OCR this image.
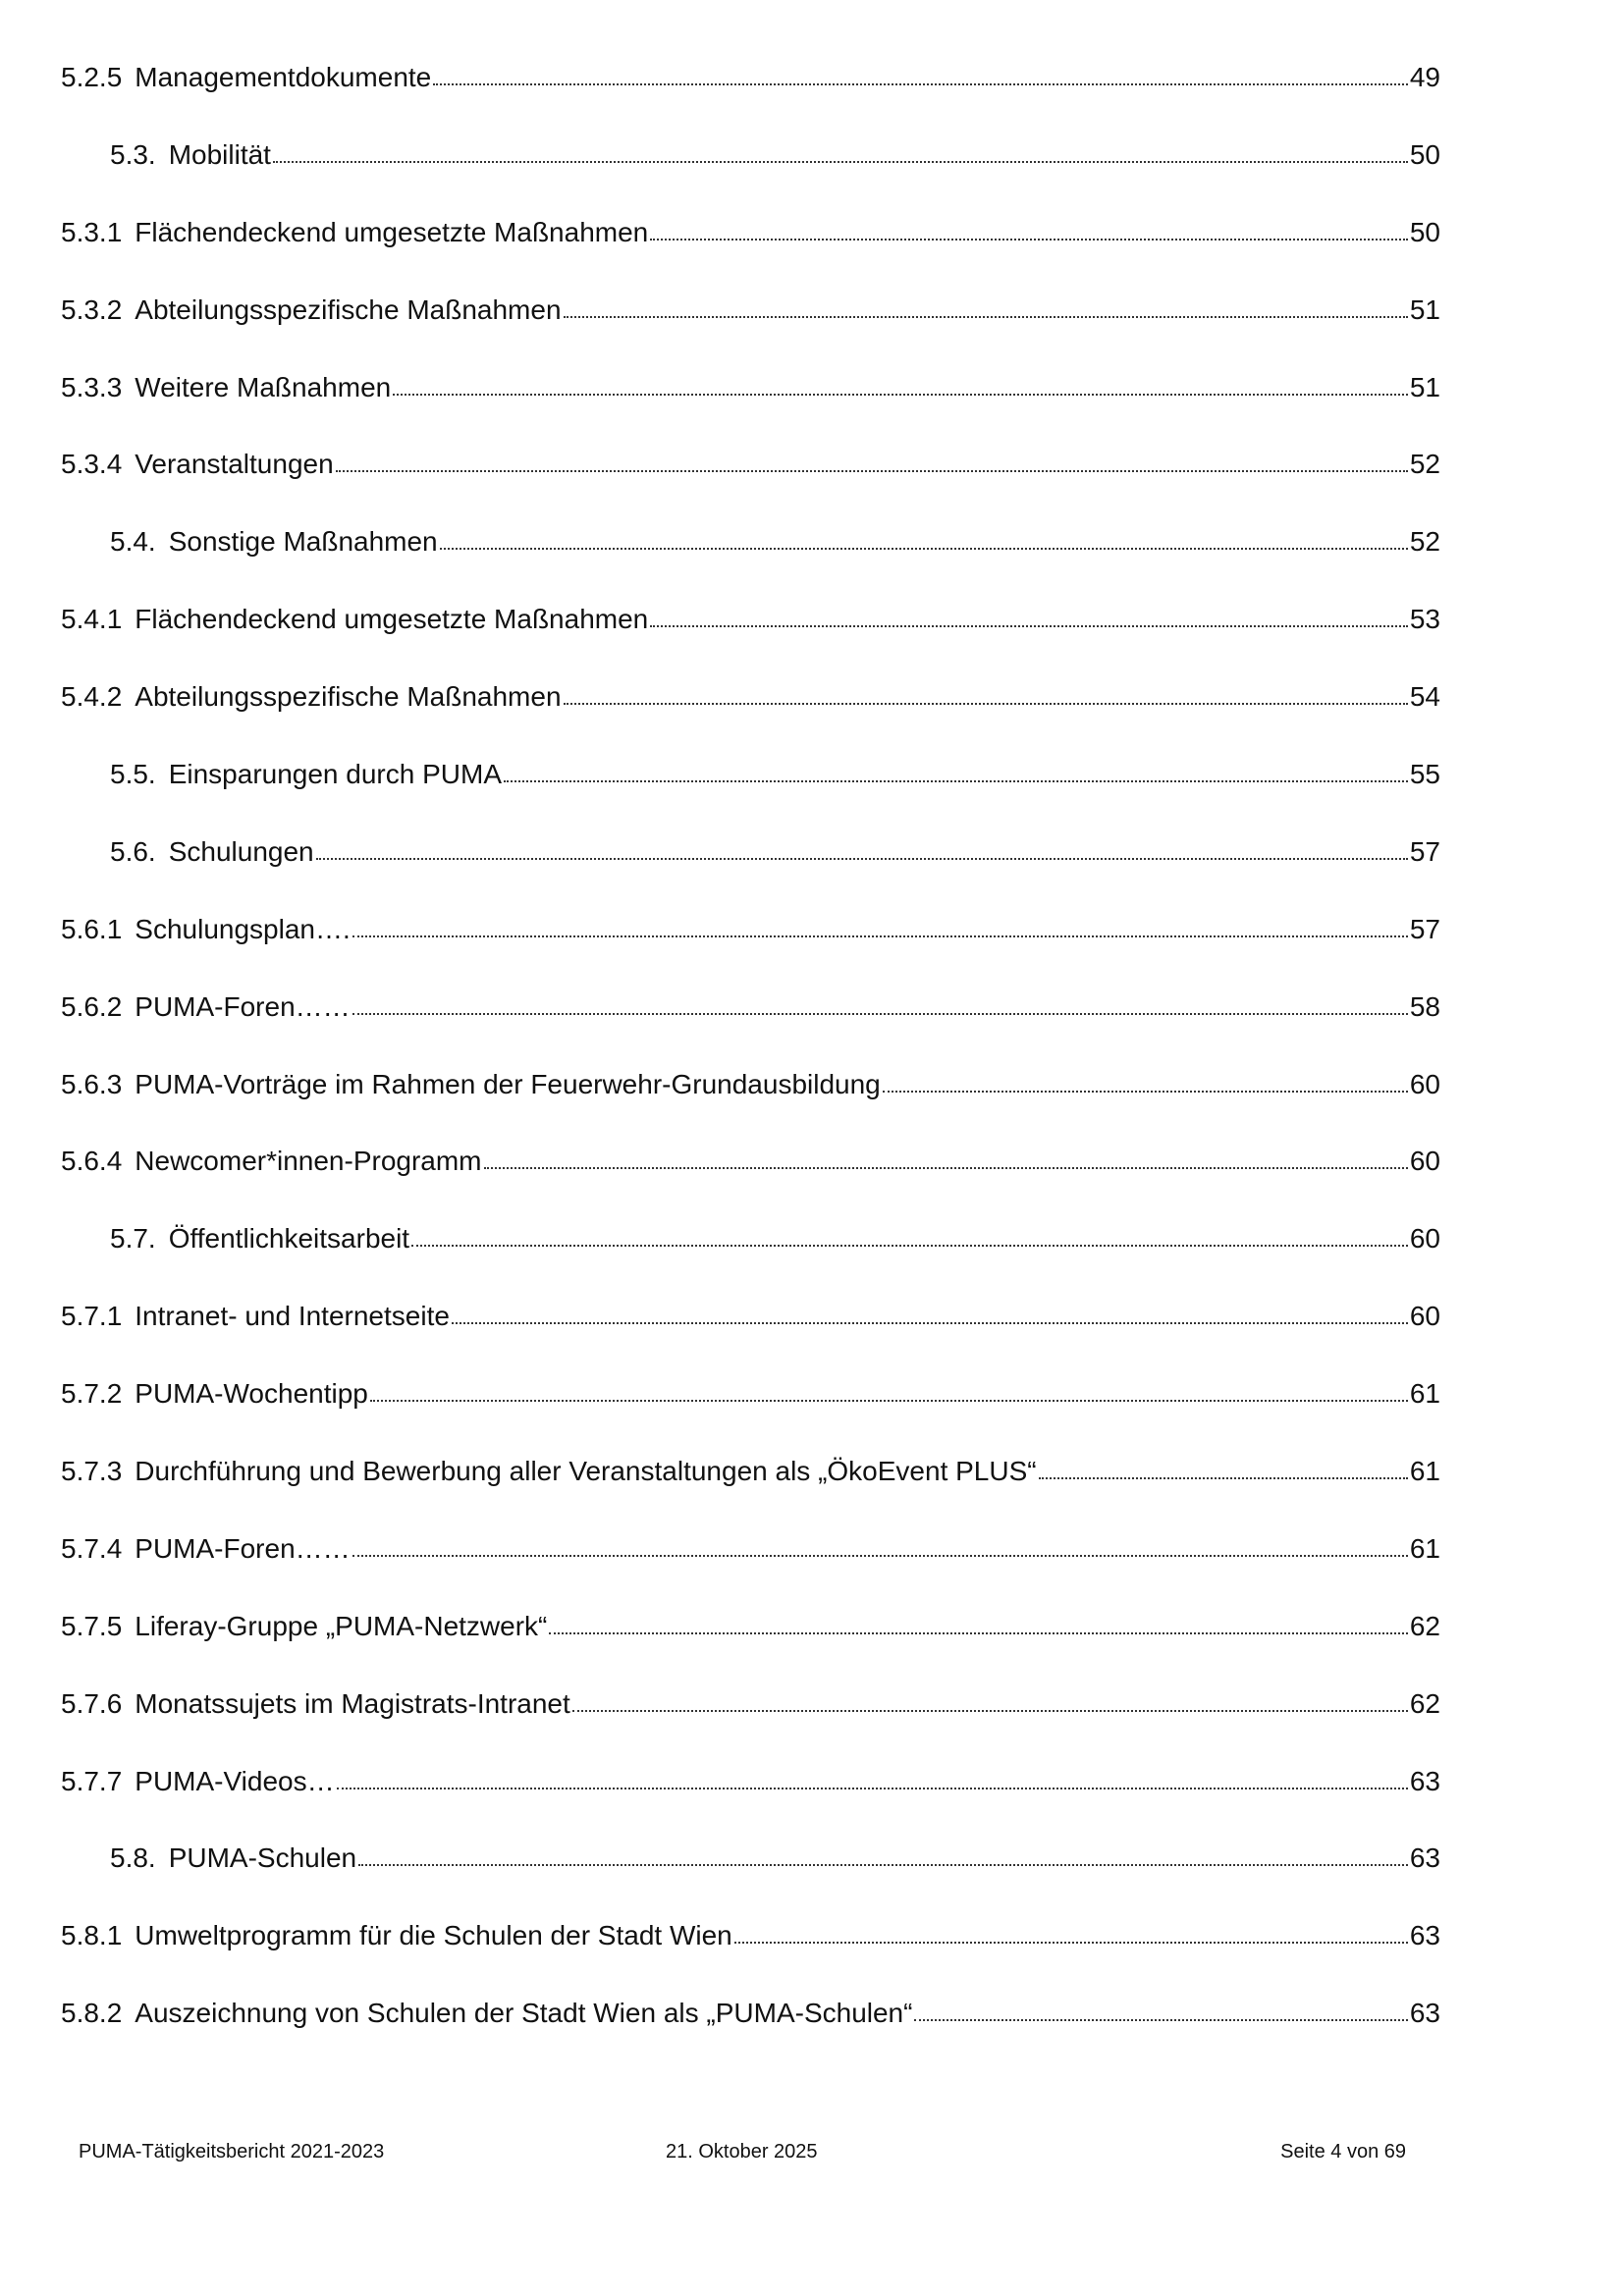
5.2.5 Managementdokumente	49
5.3. Mobilität	50
5.3.1 Flächendeckend umgesetzte Maßnahmen	50
5.3.2 Abteilungsspezifische Maßnahmen	51
5.3.3 Weitere Maßnahmen	51
5.3.4 Veranstaltungen	52
5.4. Sonstige Maßnahmen	52
5.4.1 Flächendeckend umgesetzte Maßnahmen	53
5.4.2 Abteilungsspezifische Maßnahmen	54
5.5. Einsparungen durch PUMA	55
5.6. Schulungen	57
5.6.1 Schulungsplan….	57
5.6.2 PUMA-Foren……	58
5.6.3 PUMA-Vorträge im Rahmen der Feuerwehr-Grundausbildung	60
5.6.4 Newcomer*innen-Programm	60
5.7. Öffentlichkeitsarbeit	60
5.7.1 Intranet- und Internetseite	60
5.7.2 PUMA-Wochentipp	61
5.7.3 Durchführung und Bewerbung aller Veranstaltungen als „ÖkoEvent PLUS“	61
5.7.4 PUMA-Foren……	61
5.7.5 Liferay-Gruppe „PUMA-Netzwerk“	62
5.7.6 Monatssujets im Magistrats-Intranet	62
5.7.7 PUMA-Videos…	63
5.8. PUMA-Schulen	63
5.8.1 Umweltprogramm für die Schulen der Stadt Wien	63
5.8.2 Auszeichnung von Schulen der Stadt Wien als „PUMA-Schulen“	63
PUMA-Tätigkeitsbericht 2021-2023	21. Oktober 2025	Seite 4 von 69
